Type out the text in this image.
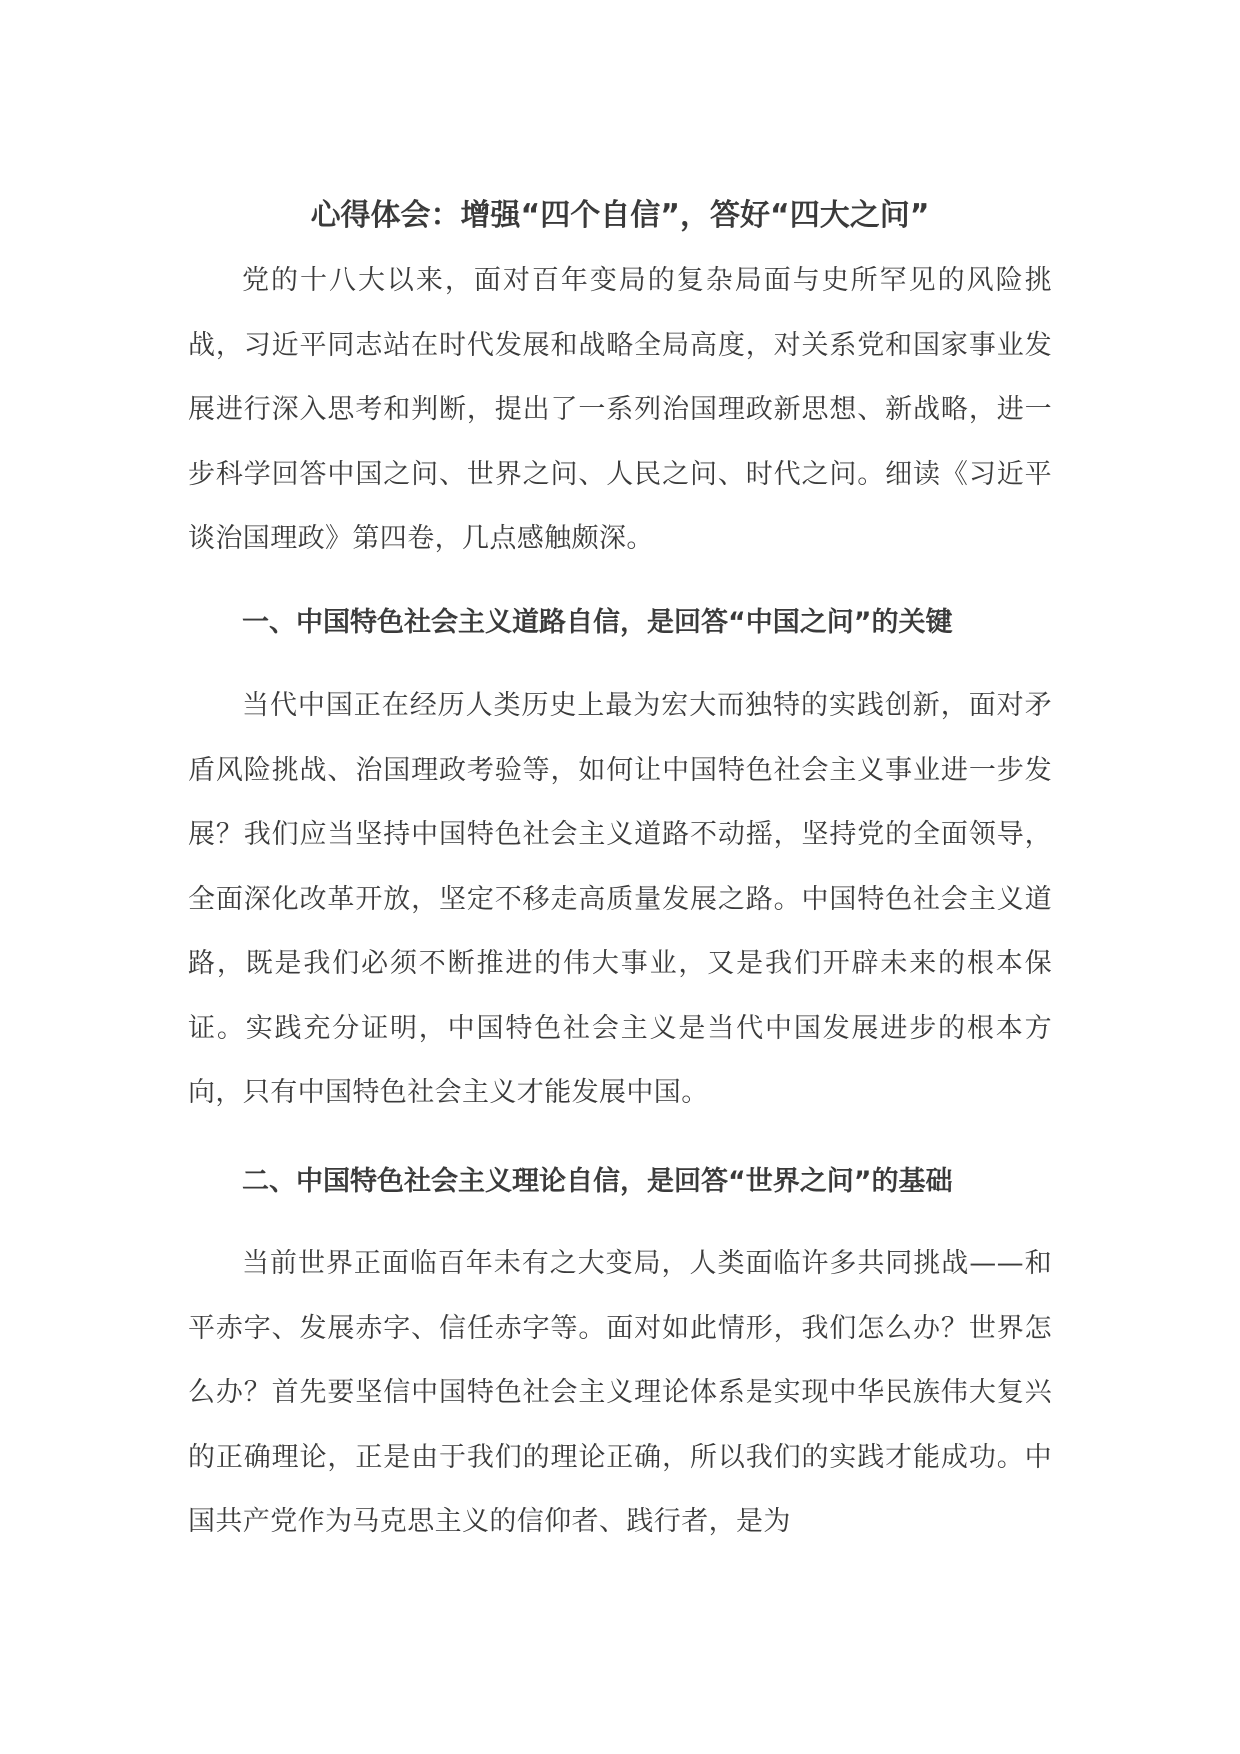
心得体会：增强“四个自信”，答好“四大之问”

党的十八大以来，面对百年变局的复杂局面与史所罕见的风险挑战，习近平同志站在时代发展和战略全局高度，对关系党和国家事业发展进行深入思考和判断，提出了一系列治国理政新思想、新战略，进一步科学回答中国之问、世界之问、人民之问、时代之问。细读《习近平谈治国理政》第四卷，几点感触颇深。

一、中国特色社会主义道路自信，是回答“中国之问”的关键

当代中国正在经历人类历史上最为宏大而独特的实践创新，面对矛盾风险挑战、治国理政考验等，如何让中国特色社会主义事业进一步发展？我们应当坚持中国特色社会主义道路不动摇，坚持党的全面领导，全面深化改革开放，坚定不移走高质量发展之路。中国特色社会主义道路，既是我们必须不断推进的伟大事业，又是我们开辟未来的根本保证。实践充分证明，中国特色社会主义是当代中国发展进步的根本方向，只有中国特色社会主义才能发展中国。

二、中国特色社会主义理论自信，是回答“世界之问”的基础

当前世界正面临百年未有之大变局，人类面临许多共同挑战——和平赤字、发展赤字、信任赤字等。面对如此情形，我们怎么办？世界怎么办？首先要坚信中国特色社会主义理论体系是实现中华民族伟大复兴的正确理论，正是由于我们的理论正确，所以我们的实践才能成功。中国共产党作为马克思主义的信仰者、践行者，是为
